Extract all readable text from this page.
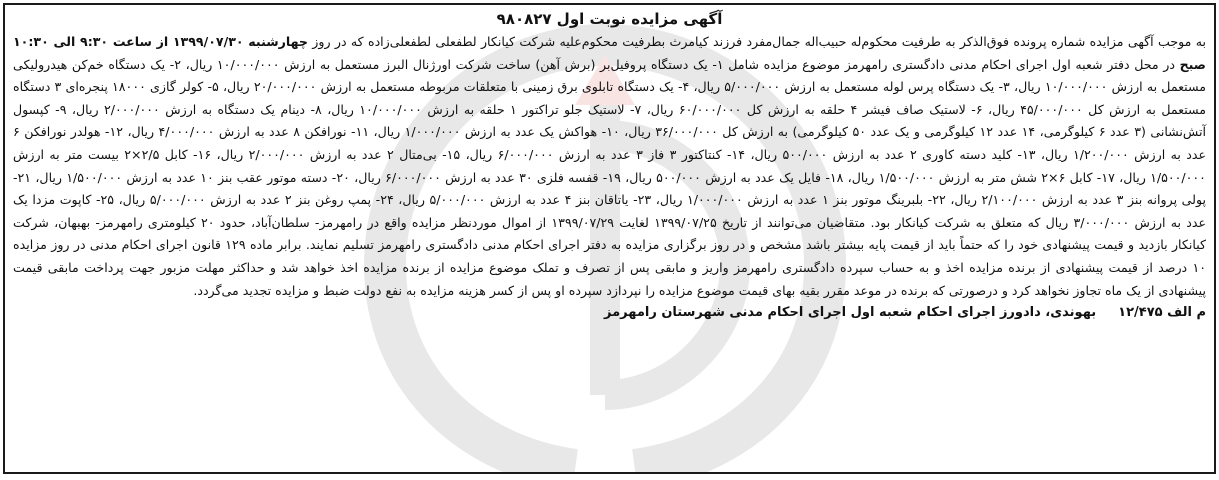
آگهی مزایده نوبت اول ۹۸۰۸۲۷

به موجب آگهی مزایده شماره پرونده فوق‌الذکر به طرفیت محکوم‌له حبیب‌اله جمال‌مفرد فرزند کیامرث بطرفیت محکوم‌علیه شرکت کیانکار لطفعلی لطفعلی‌زاده که در روز چهارشنبه ۱۳۹۹/۰۷/۳۰ از ساعت ۹:۳۰ الی ۱۰:۳۰ صبح در محل دفتر شعبه اول اجرای احکام مدنی دادگستری رامهرمز موضوع مزایده شامل ۱- یک دستگاه پروفیل‌بر (برش آهن) ساخت شرکت اورژنال البرز مستعمل به ارزش ۱۰/۰۰۰/۰۰۰ ریال، ۲- یک دستگاه خم‌کن هیدرولیکی مستعمل به ارزش ۱۰/۰۰۰/۰۰۰ ریال، ۳- یک دستگاه پرس لوله مستعمل به ارزش ۵/۰۰۰/۰۰۰ ریال، ۴- یک دستگاه تابلوی برق زمینی با متعلقات مربوطه مستعمل به ارزش ۲۰/۰۰۰/۰۰۰ ریال، ۵- کولر گازی ۱۸۰۰۰ پنجره‌ای ۳ دستگاه مستعمل به ارزش کل ۴۵/۰۰۰/۰۰۰ ریال، ۶- لاستیک صاف فیشر ۴ حلقه به ارزش کل ۶۰/۰۰۰/۰۰۰ ریال، ۷- لاستیک جلو تراکتور ۱ حلقه به ارزش ۱۰/۰۰۰/۰۰۰ ریال، ۸- دینام یک دستگاه به ارزش ۲/۰۰۰/۰۰۰ ریال، ۹- کپسول آتش‌نشانی (۳ عدد ۶ کیلوگرمی، ۱۴ عدد ۱۲ کیلوگرمی و یک عدد ۵۰ کیلوگرمی) به ارزش کل ۳۶/۰۰۰/۰۰۰ ریال، ۱۰- هواکش یک عدد به ارزش ۱/۰۰۰/۰۰۰ ریال، ۱۱- نورافکن ۸ عدد به ارزش ۴/۰۰۰/۰۰۰ ریال، ۱۲- هولدر نورافکن ۶ عدد به ارزش ۱/۲۰۰/۰۰۰ ریال، ۱۳- کلید دسته کاوری ۲ عدد به ارزش ۵۰۰/۰۰۰ ریال، ۱۴- کنتاکتور ۳ فاز ۳ عدد به ارزش ۶/۰۰۰/۰۰۰ ریال، ۱۵- بی‌متال ۲ عدد به ارزش ۲/۰۰۰/۰۰۰ ریال، ۱۶- کابل ۲/۵×۲ بیست متر به ارزش ۱/۵۰۰/۰۰۰ ریال، ۱۷- کابل ۶×۲ شش متر به ارزش ۱/۵۰۰/۰۰۰ ریال، ۱۸- فایل یک عدد به ارزش ۵۰۰/۰۰۰ ریال، ۱۹- قفسه فلزی ۳۰ عدد به ارزش ۶/۰۰۰/۰۰۰ ریال، ۲۰- دسته موتور عقب بنز ۱۰ عدد به ارزش ۱/۵۰۰/۰۰۰ ریال، ۲۱- پولی پروانه بنز ۳ عدد به ارزش ۲/۱۰۰/۰۰۰ ریال، ۲۲- بلبرینگ موتور بنز ۱ عدد به ارزش ۱/۰۰۰/۰۰۰ ریال، ۲۳- یاتاقان بنز ۴ عدد به ارزش ۵/۰۰۰/۰۰۰ ریال، ۲۴- پمپ روغن بنز ۲ عدد به ارزش ۵/۰۰۰/۰۰۰ ریال، ۲۵- کاپوت مزدا یک عدد به ارزش ۳/۰۰۰/۰۰۰ ریال که متعلق به شرکت کیانکار بود. متقاضیان می‌توانند از تاریخ ۱۳۹۹/۰۷/۲۵ لغایت ۱۳۹۹/۰۷/۲۹ از اموال موردنظر مزایده واقع در رامهرمز- سلطان‌آباد، حدود ۲۰ کیلومتری رامهرمز- بهبهان، شرکت کیانکار بازدید و قیمت پیشنهادی خود را که حتماً باید از قیمت پایه بیشتر باشد مشخص و در روز برگزاری مزایده به دفتر اجرای احکام مدنی دادگستری رامهرمز تسلیم نمایند. برابر ماده ۱۲۹ قانون اجرای احکام مدنی در روز مزایده ۱۰ درصد از قیمت پیشنهادی از برنده مزایده اخذ و به حساب سپرده دادگستری رامهرمز واریز و مابقی پس از تصرف و تملک موضوع مزایده از برنده مزایده اخذ خواهد شد و حداکثر مهلت مزبور جهت پرداخت مابقی قیمت پیشنهادی از یک ماه تجاوز نخواهد کرد و درصورتی که برنده در موعد مقرر بقیه بهای قیمت موضوع مزایده را نپردازد سپرده او پس از کسر هزینه مزایده به نفع دولت ضبط و مزایده تجدید می‌گردد.

م الف ۱۲/۴۷۵
بهوندی، دادورز اجرای احکام شعبه اول اجرای احکام مدنی شهرستان رامهرمز
